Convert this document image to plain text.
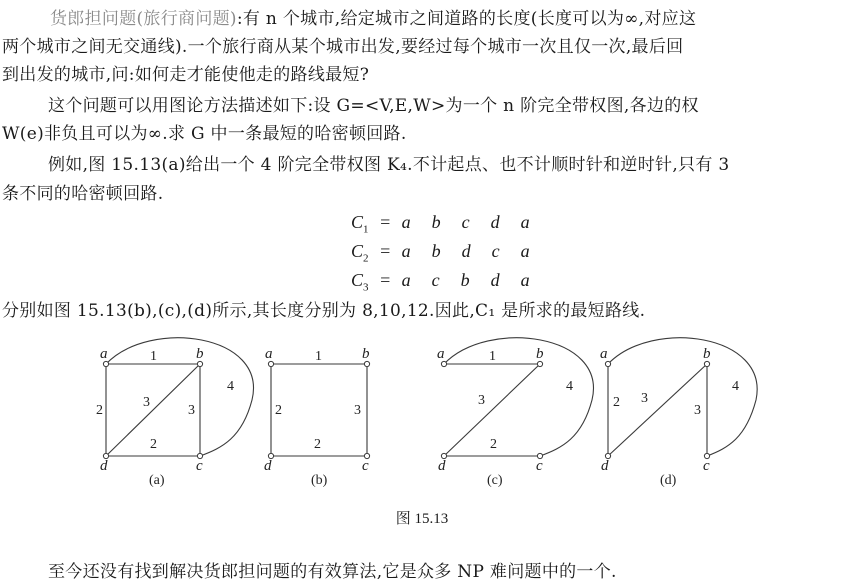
货郎担问题(旅行商问题):有 n 个城市,给定城市之间道路的长度(长度可以为∞,对应这
两个城市之间无交通线).一个旅行商从某个城市出发,要经过每个城市一次且仅一次,最后回
到出发的城市,问:如何走才能使他走的路线最短?
这个问题可以用图论方法描述如下:设 G=<V,E,W>为一个 n 阶完全带权图,各边的权
W(e)非负且可以为∞.求 G 中一条最短的哈密顿回路.
例如,图 15.13(a)给出一个 4 阶完全带权图 K₄.不计起点、也不计顺时针和逆时针,只有 3
条不同的哈密顿回路.
$C_1 = a$  b  c  d  a
$C_2 = a$  b  d  c  a
$C_3 = a$  c  b  d  a
分别如图 15.13(b),(c),(d)所示,其长度分别为 8,10,12.因此,C₁ 是所求的最短路线.
a	b
c
d
1
2
3
3
2
4
(a)
a	b
c
d
1
2	3
2
(b)
a	b
c
d
1
3
2
4
(c)
a	b
c
d
2 3
3
4
(d)
图 15.13
至今还没有找到解决货郎担问题的有效算法,它是众多 NP 难问题中的一个.
